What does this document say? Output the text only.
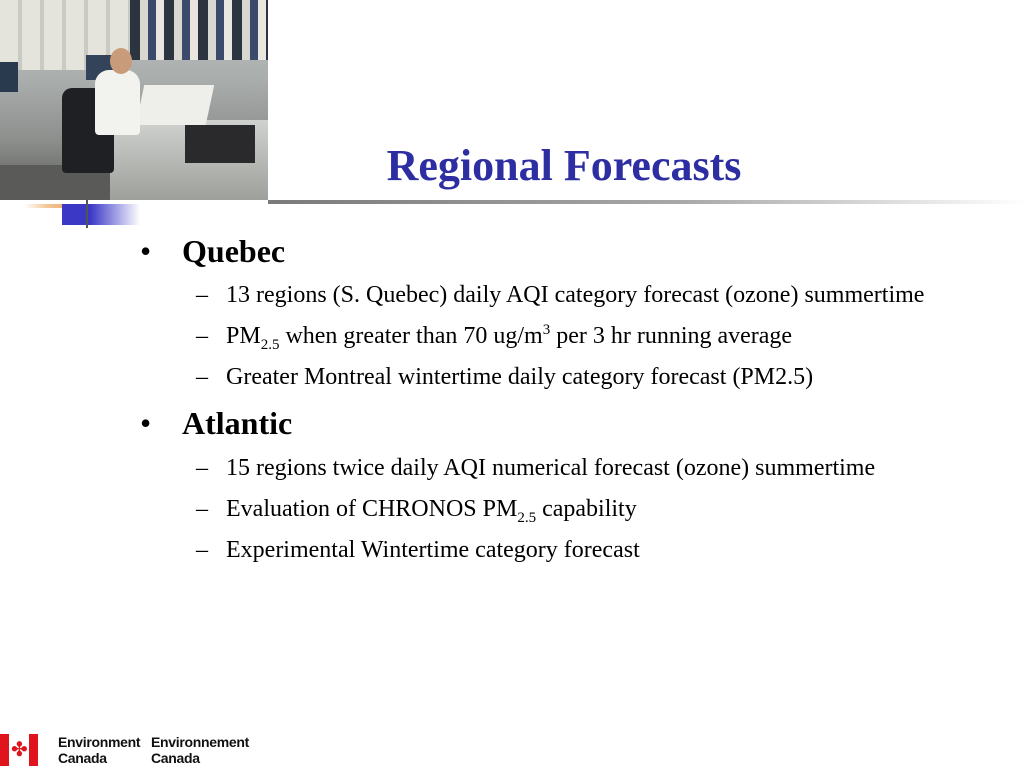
Regional Forecasts
• Quebec
– 13 regions (S. Quebec) daily AQI category forecast (ozone) summertime
– $PM_{2.5}$ when greater than 70 $ug/m^3$ per 3 hr running average
– Greater Montreal wintertime daily category forecast (PM2.5)
• Atlantic
– 15 regions twice daily AQI numerical forecast (ozone) summertime
– Evaluation of CHRONOS $PM_{2.5}$ capability
– Experimental Wintertime category forecast
✤ Environment
Canada
Environnement
Canada
